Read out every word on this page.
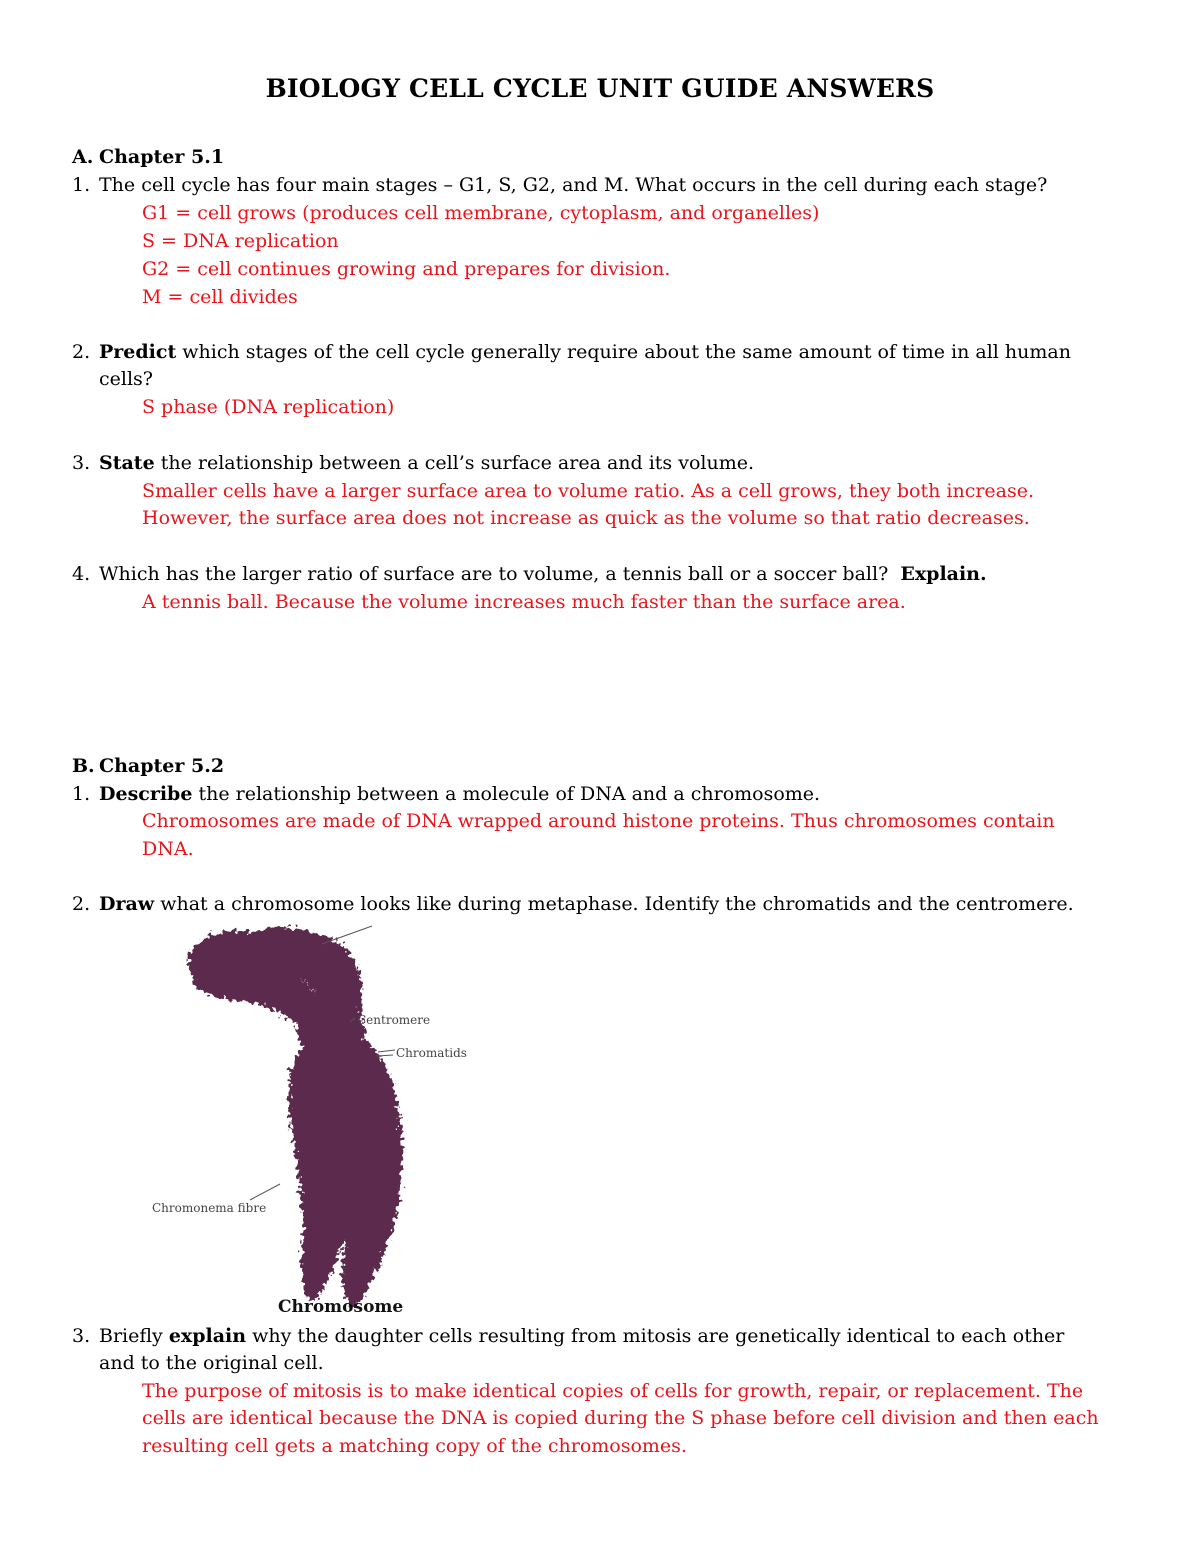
BIOLOGY CELL CYCLE UNIT GUIDE ANSWERS
A. Chapter 5.1
1. The cell cycle has four main stages – G1, S, G2, and M. What occurs in the cell during each stage?
G1 = cell grows (produces cell membrane, cytoplasm, and organelles)
S = DNA replication
G2 = cell continues growing and prepares for division.
M = cell divides
2. Predict which stages of the cell cycle generally require about the same amount of time in all human
cells?
S phase (DNA replication)
3. State the relationship between a cell’s surface area and its volume.
Smaller cells have a larger surface area to volume ratio. As a cell grows, they both increase.
However, the surface area does not increase as quick as the volume so that ratio decreases.
4. Which has the larger ratio of surface are to volume, a tennis ball or a soccer ball?  Explain.
A tennis ball. Because the volume increases much faster than the surface area.
B. Chapter 5.2
1. Describe the relationship between a molecule of DNA and a chromosome.
Chromosomes are made of DNA wrapped around histone proteins. Thus chromosomes contain
DNA.
2. Draw what a chromosome looks like during metaphase. Identify the chromatids and the centromere.
Centromere
Chromatids
Chromonema fibre
Chromosome
3. Briefly explain why the daughter cells resulting from mitosis are genetically identical to each other
and to the original cell.
The purpose of mitosis is to make identical copies of cells for growth, repair, or replacement. The
cells are identical because the DNA is copied during the S phase before cell division and then each
resulting cell gets a matching copy of the chromosomes.
